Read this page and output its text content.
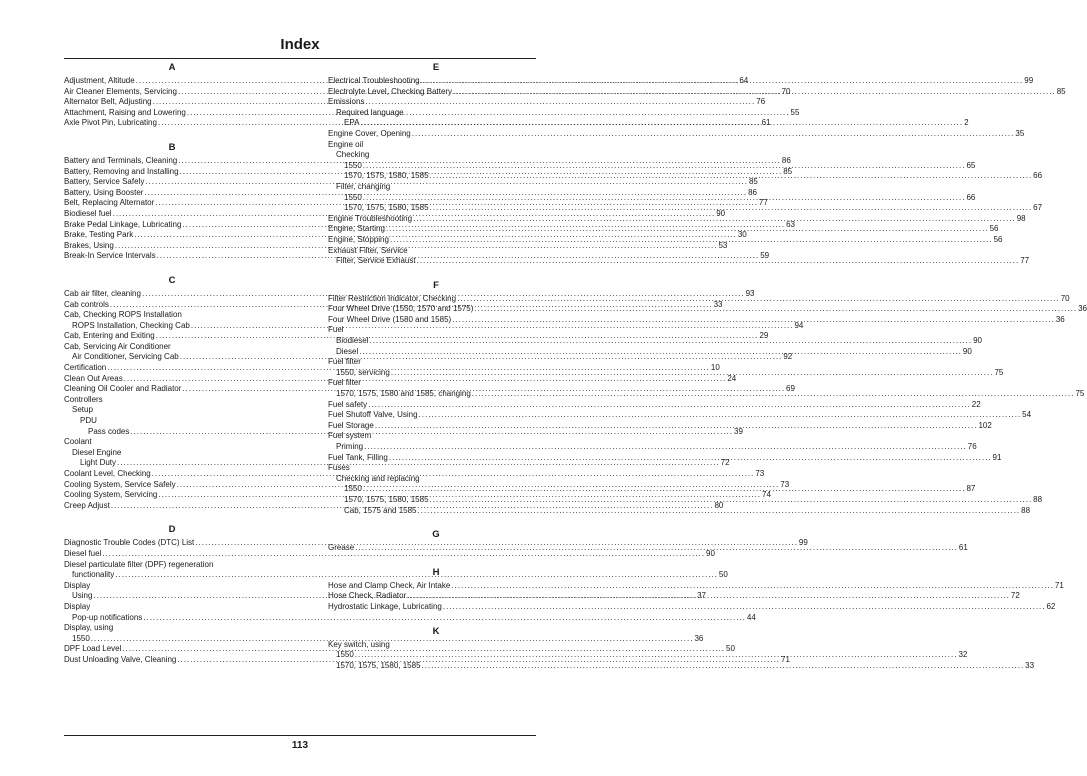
Index
A
Adjustment, Altitude .....	64
Air Cleaner Elements, Servicing .....	70
Alternator Belt, Adjusting .....	76
Attachment, Raising and Lowering .....	55
Axle Pivot Pin, Lubricating .....	61
B
Battery and Terminals, Cleaning .....	86
Battery, Removing and Installing .....	85
Battery, Service Safely .....	85
Battery, Using Booster .....	86
Belt, Replacing Alternator .....	77
Biodiesel fuel .....	90
Brake Pedal Linkage, Lubricating .....	63
Brake, Testing Park .....	30
Brakes, Using .....	53
Break-In Service Intervals .....	59
C
Cab air filter, cleaning .....	93
Cab controls .....	33
Cab, Checking ROPS Installation
ROPS Installation, Checking Cab .....	94
Cab, Entering and Exiting .....	29
Cab, Servicing Air Conditioner
Air Conditioner, Servicing Cab .....	92
Certification .....	10
Clean Out Areas .....	24
Cleaning Oil Cooler and Radiator .....	69
Controllers
Setup
PDU
Pass codes .....	39
Coolant
Diesel Engine
Light Duty .....	72
Coolant Level, Checking .....	73
Cooling System, Service Safely .....	73
Cooling System, Servicing .....	74
Creep Adjust .....	80
D
Diagnostic Trouble Codes (DTC) List .....	99
Diesel fuel .....	90
Diesel particulate filter (DPF) regeneration
functionality .....	50
Display
Using .....	37
Display
Pop-up notifications .....	44
Display, using
1550 .....	36
DPF Load Level .....	50
Dust Unloading Valve, Cleaning .....	71
E
Electrical Troubleshooting .....	99
Electrolyte Level, Checking Battery .....	85
Emissions
Required language
EPA .....	2
Engine Cover, Opening .....	35
Engine oil
Checking
1550 .....	65
1570, 1575, 1580, 1585 .....	66
Filter, changing
1550 .....	66
1570, 1575, 1580, 1585 .....	67
Engine Troubleshooting .....	98
Engine, Starting .....	56
Engine, Stopping .....	56
Exhaust Filter, Service
Filter, Service Exhaust .....	77
F
Filter Restriction Indicator, Checking .....	70
Four Wheel Drive (1550, 1570 and 1575) .....	36
Four Wheel Drive (1580 and 1585) .....	36
Fuel
Biodiesel .....	90
Diesel .....	90
Fuel filter
1550, servicing .....	75
Fuel filter
1570, 1575, 1580 and 1585, changing .....	75
Fuel safety .....	22
Fuel Shutoff Valve, Using .....	54
Fuel Storage .....	102
Fuel system
Priming .....	76
Fuel Tank, Filling .....	91
Fuses
Checking and replacing
1550 .....	87
1570, 1575, 1580, 1585 .....	88
Cab, 1575 and 1585 .....	88
G
Grease .....	61
H
Hose and Clamp Check, Air Intake .....	71
Hose Check, Radiator .....	72
Hydrostatic Linkage, Lubricating .....	62
K
Key switch, using
1550 .....	32
1570, 1575, 1580, 1585 .....	33
113
